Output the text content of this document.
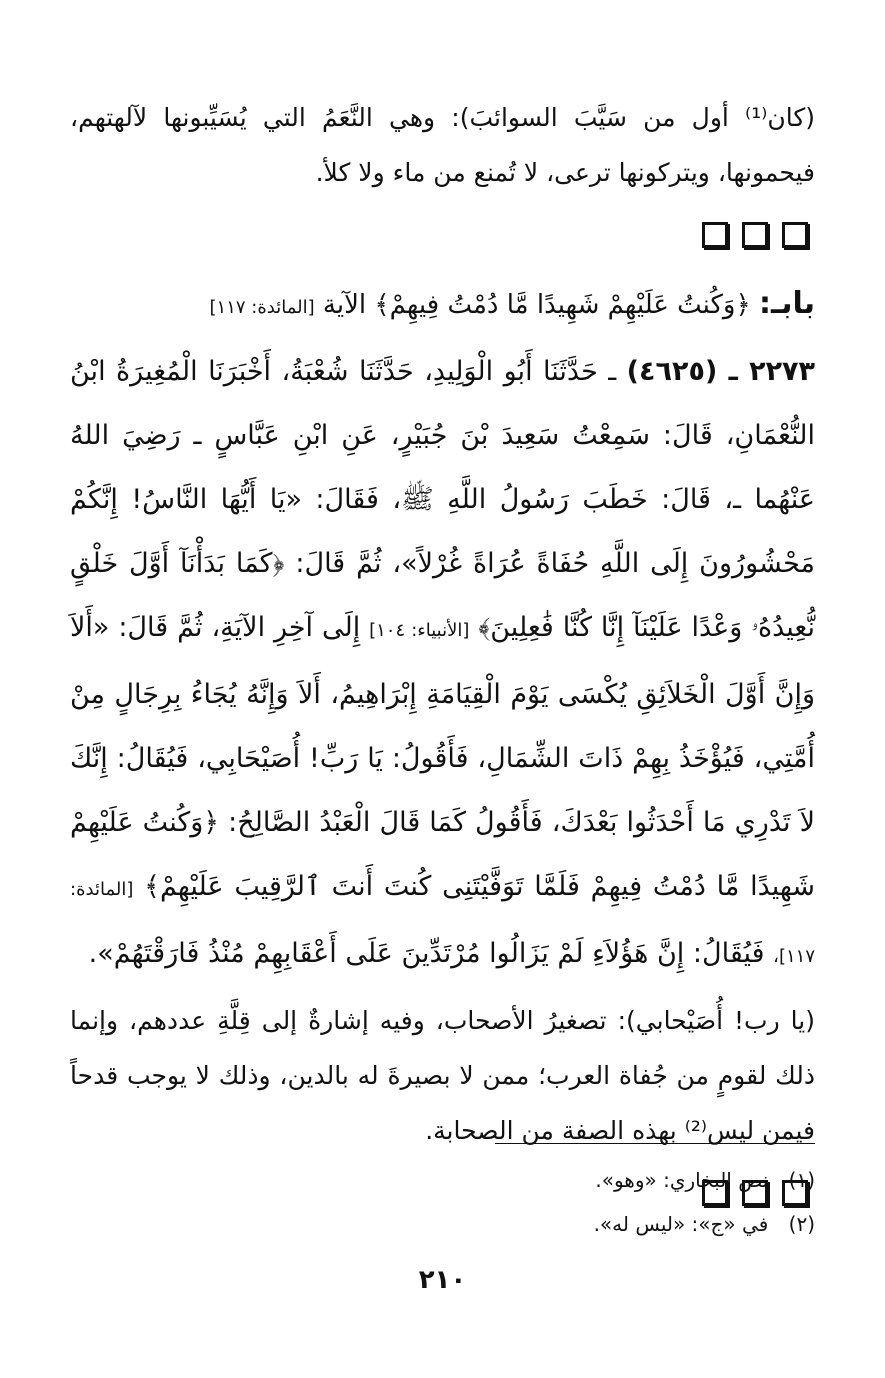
(كان⁽¹⁾ أول من سَيَّبَ السوائبَ): وهي النَّعَمُ التي يُسَيِّبونها لآلهتهم، فيحمونها، ويتركونها ترعى، لا تُمنع من ماء ولا كلأ.

بابـ: ﴿وَكُنتُ عَلَيْهِمْ شَهِيدًا مَّا دُمْتُ فِيهِمْ﴾ الآية [المائدة: ١١٧]

٢٢٧٣ ـ (٤٦٢٥) ـ حَدَّثَنَا أَبُو الْوَلِيدِ، حَدَّثَنَا شُعْبَةُ، أَخْبَرَنَا الْمُغِيرَةُ ابْنُ النُّعْمَانِ، قَالَ: سَمِعْتُ سَعِيدَ بْنَ جُبَيْرٍ، عَنِ ابْنِ عَبَّاسٍ ـ رَضِيَ اللهُ عَنْهُما ـ، قَالَ: خَطَبَ رَسُولُ اللَّهِ ﷺ، فَقَالَ: «يَا أَيُّهَا النَّاسُ! إِنَّكُمْ مَحْشُورُونَ إِلَى اللَّهِ حُفَاةً عُرَاةً غُرْلاً»، ثُمَّ قَالَ: ﴿كَمَا بَدَأْنَآ أَوَّلَ خَلْقٍ نُّعِيدُهُۥ وَعْدًا عَلَيْنَآ إِنَّا كُنَّا فَٰعِلِينَ﴾ [الأنبياء: ١٠٤] إِلَى آخِرِ الآيَةِ، ثُمَّ قَالَ: «أَلاَ وَإِنَّ أَوَّلَ الْخَلاَئِقِ يُكْسَى يَوْمَ الْقِيَامَةِ إِبْرَاهِيمُ، أَلاَ وَإِنَّهُ يُجَاءُ بِرِجَالٍ مِنْ أُمَّتِي، فَيُؤْخَذُ بِهِمْ ذَاتَ الشِّمَالِ، فَأَقُولُ: يَا رَبِّ! أُصَيْحَابِي، فَيُقَالُ: إِنَّكَ لاَ تَدْرِي مَا أَحْدَثُوا بَعْدَكَ، فَأَقُولُ كَمَا قَالَ الْعَبْدُ الصَّالِحُ: ﴿وَكُنتُ عَلَيْهِمْ شَهِيدًا مَّا دُمْتُ فِيهِمْ فَلَمَّا تَوَفَّيْتَنِى كُنتَ أَنتَ ٱلرَّقِيبَ عَلَيْهِمْ﴾ [المائدة: ١١٧]، فَيُقَالُ: إِنَّ هَؤُلاَءِ لَمْ يَزَالُوا مُرْتَدِّينَ عَلَى أَعْقَابِهِمْ مُنْذُ فَارَقْتَهُمْ».

(يا رب! أُصَيْحابي): تصغيرُ الأصحاب، وفيه إشارةٌ إلى قِلَّةِ عددهم، وإنما ذلك لقومٍ من جُفاة العرب؛ ممن لا بصيرةَ له بالدين، وذلك لا يوجب قدحاً فيمن ليس⁽²⁾ بهذه الصفة من الصحابة.

(١) نص البخاري: «وهو».
(٢) في «ج»: «ليس له».
٢١٠
